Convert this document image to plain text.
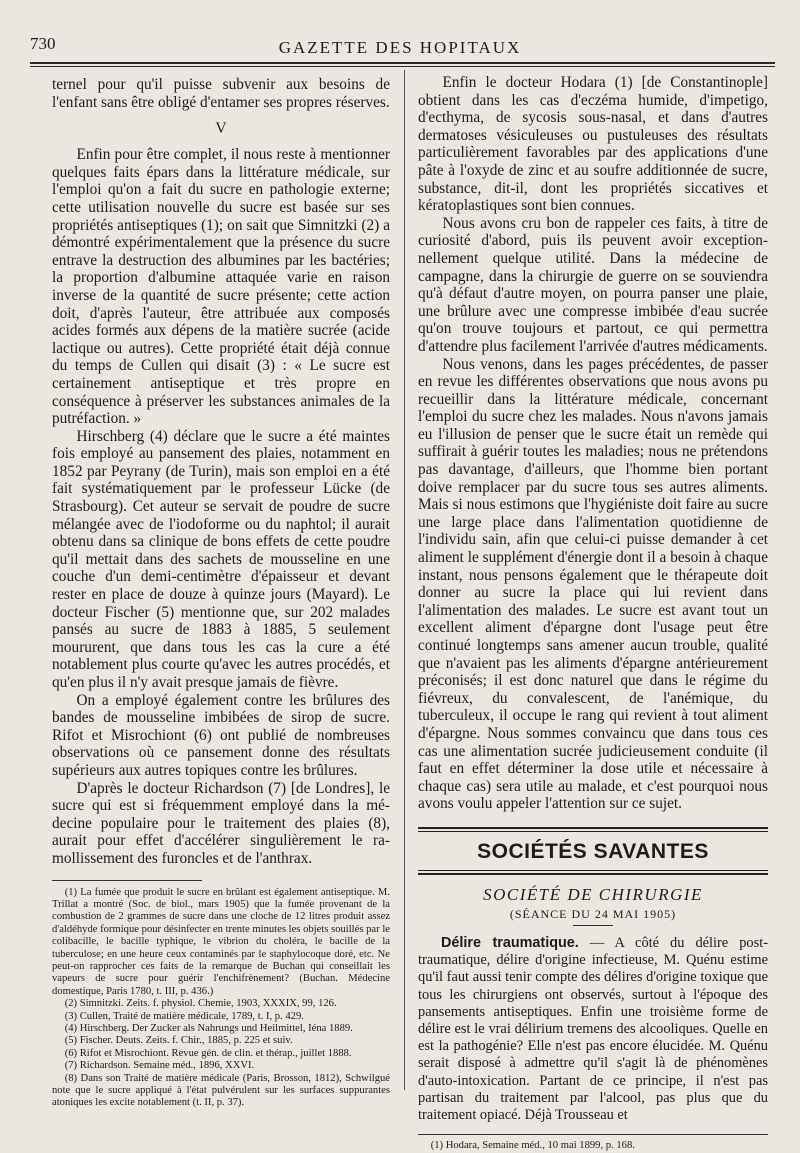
730	GAZETTE DES HOPITAUX

ternel pour qu'il puisse subvenir aux besoins de l'enfant sans être obligé d'entamer ses propres réserves.

V

Enfin pour être complet, il nous reste à mentionner quelques faits épars dans la littérature médicale, sur l'emploi qu'on a fait du sucre en pathologie externe; cette utilisation nouvelle du sucre est basée sur ses propriétés antiseptiques (1); on sait que Simnitzki (2) a démontré expérimentalement que la présence du sucre entrave la destruction des albumines par les bactéries; la proportion d'albumine attaquée varie en raison inverse de la quantité de sucre présente; cette action doit, d'après l'auteur, être attribuée aux composés acides formés aux dépens de la matière sucrée (acide lactique ou autres). Cette propriété était déjà connue du temps de Cullen qui disait (3) : « Le sucre est certainement antiseptique et très propre en conséquence à préserver les substances animales de la putréfaction. »

Hirschberg (4) déclare que le sucre a été maintes fois employé au pansement des plaies, notamment en 1852 par Peyrany (de Turin), mais son emploi en a été fait systématiquement par le professeur Lücke (de Strasbourg). Cet auteur se servait de poudre de sucre mélangée avec de l'iodoforme ou du naphtol; il aurait obtenu dans sa clinique de bons effets de cette poudre qu'il mettait dans des sachets de mousseline en une couche d'un demi-centimètre d'épaisseur et devant rester en place de douze à quinze jours (Mayard). Le docteur Fischer (5) mentionne que, sur 202 malades pansés au sucre de 1883 à 1885, 5 seulement moururent, que dans tous les cas la cure a été notablement plus courte qu'avec les autres procédés, et qu'en plus il n'y avait presque jamais de fièvre.

On a employé également contre les brûlures des bandes de mousseline imbibées de sirop de sucre. Rifot et Misrochiont (6) ont publié de nombreuses observations où ce pansement donne des résultats supérieurs aux autres topiques contre les brûlures.

D'après le docteur Richardson (7) [de Londres], le sucre qui est si fréquemment employé dans la médecine populaire pour le traitement des plaies (8), aurait pour effet d'accélérer singulièrement le ramollissement des furoncles et de l'anthrax.

(1) La fumée que produit le sucre en brûlant est également antiseptique. M. Trillat a montré (Soc. de biol., mars 1905) que la fumée provenant de la combustion de 2 grammes de sucre dans une cloche de 12 litres produit assez d'aldéhyde formique pour désinfecter en trente minutes les objets souillés par le colibacille, le bacille typhique, le vibrion du choléra, le bacille de la tuberculose; en une heure ceux contaminés par le staphylocoque doré, etc. Ne peut-on rapprocher ces faits de la remarque de Buchan qui conseillait les vapeurs de sucre pour guérir l'enchifrènement? (Buchan. Médecine domestique, Paris 1780, t. III, p. 436.)

(2) Simnitzki. Zeits. f. physiol. Chemie, 1903, XXXIX, 99, 126.

(3) Cullen, Traité de matière médicale, 1789, t. I, p. 429.

(4) Hirschberg. Der Zucker als Nahrungs und Heilmittel, Iéna 1889.

(5) Fischer. Deuts. Zeits. f. Chir., 1885, p. 225 et suiv.

(6) Rifot et Misrochiont. Revue gén. de clin. et thérap., juillet 1888.

(7) Richardson. Semaine méd., 1896, XXVI.

(8) Dans son Traité de matière médicale (Paris, Brosson, 1812), Schwilgué note que le sucre appliqué à l'état pulvérulent sur les surfaces suppurantes atoniques les excite notablement (t. II, p. 37).

Enfin le docteur Hodara (1) [de Constantinople] obtient dans les cas d'eczéma humide, d'impetigo, d'ecthyma, de sycosis sous-nasal, et dans d'autres dermatoses vésiculeuses ou pustuleuses des résultats particulièrement favorables par des applications d'une pâte à l'oxyde de zinc et au soufre additionnée de sucre, substance, dit-il, dont les propriétés siccatives et kératoplastiques sont bien connues.

Nous avons cru bon de rappeler ces faits, à titre de curiosité d'abord, puis ils peuvent avoir exceptionnellement quelque utilité. Dans la médecine de campagne, dans la chirurgie de guerre on se souviendra qu'à défaut d'autre moyen, on pourra panser une plaie, une brûlure avec une compresse imbibée d'eau sucrée qu'on trouve toujours et partout, ce qui permettra d'attendre plus facilement l'arrivée d'autres médicaments.

Nous venons, dans les pages précédentes, de passer en revue les différentes observations que nous avons pu recueillir dans la littérature médicale, concernant l'emploi du sucre chez les malades. Nous n'avons jamais eu l'illusion de penser que le sucre était un remède qui suffirait à guérir toutes les maladies; nous ne prétendons pas davantage, d'ailleurs, que l'homme bien portant doive remplacer par du sucre tous ses autres aliments. Mais si nous estimons que l'hygiéniste doit faire au sucre une large place dans l'alimentation quotidienne de l'individu sain, afin que celui-ci puisse demander à cet aliment le supplément d'énergie dont il a besoin à chaque instant, nous pensons également que le thérapeute doit donner au sucre la place qui lui revient dans l'alimentation des malades. Le sucre est avant tout un excellent aliment d'épargne dont l'usage peut être continué longtemps sans amener aucun trouble, qualité que n'avaient pas les aliments d'épargne antérieurement préconisés; il est donc naturel que dans le régime du fiévreux, du convalescent, de l'anémique, du tuberculeux, il occupe le rang qui revient à tout aliment d'épargne. Nous sommes convaincu que dans tous ces cas une alimentation sucrée judicieusement conduite (il faut en effet déterminer la dose utile et nécessaire à chaque cas) sera utile au malade, et c'est pourquoi nous avons voulu appeler l'attention sur ce sujet.

SOCIÉTÉS SAVANTES
SOCIÉTÉ DE CHIRURGIE
(SÉANCE DU 24 MAI 1905)

Délire traumatique. — A côté du délire post-traumatique, délire d'origine infectieuse, M. Quénu estime qu'il faut aussi tenir compte des délires d'origine toxique que tous les chirurgiens ont observés, surtout à l'époque des pansements antiseptiques. Enfin une troisième forme de délire est le vrai délirium tremens des alcooliques. Quelle en est la pathogénie? Elle n'est pas encore élucidée. M. Quénu serait disposé à admettre qu'il s'agit là de phénomènes d'auto-intoxication. Partant de ce principe, il n'est pas partisan du traitement par l'alcool, pas plus que du traitement opiacé. Déjà Trousseau et

(1) Hodara, Semaine méd., 10 mai 1899, p. 168.
